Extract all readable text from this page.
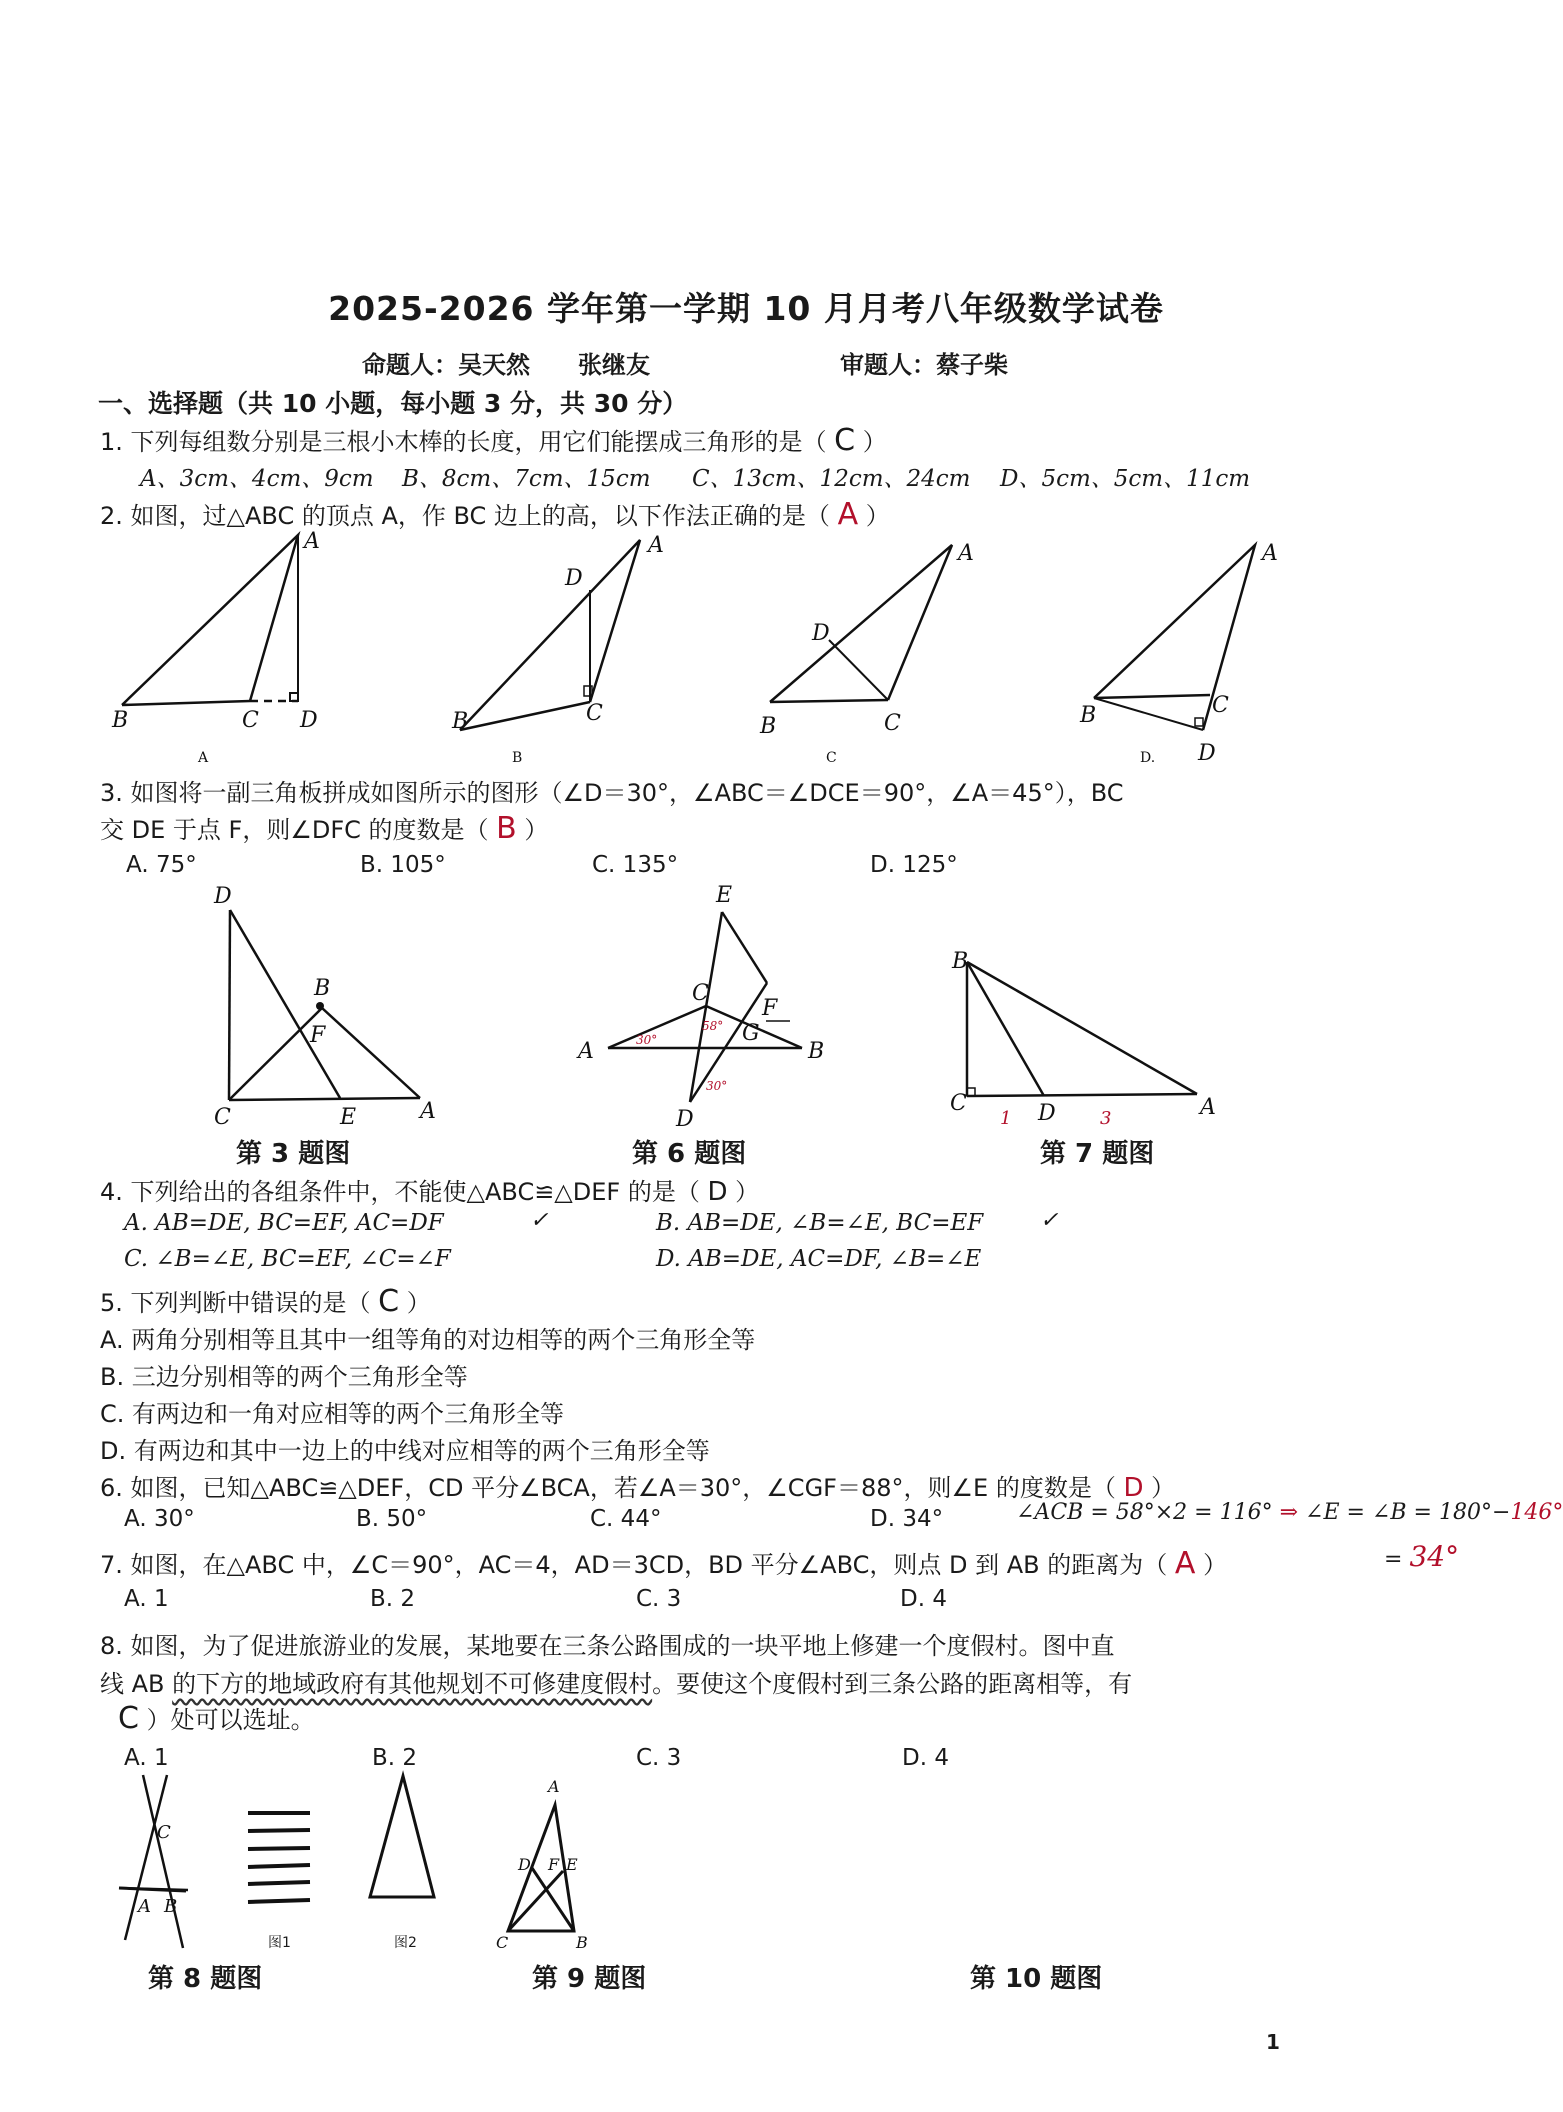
2025-2026 学年第一学期 10 月月考八年级数学试卷
命题人：吴天然　　张继友	审题人：蔡子柴
一、选择题（共 10 小题，每小题 3 分，共 30 分）
1. 下列每组数分别是三根小木棒的长度，用它们能摆成三角形的是（ C ）
A、3cm、4cm、9cm B、8cm、7cm、15cm C、13cm、12cm、24cm D、5cm、5cm、11cm
2. 如图，过△ABC 的顶点 A，作 BC 边上的高，以下作法正确的是（ A ）
A
B	C D
A
A
D
B	C
B
A
D
B	C
C
A
B	C
D
D.
3. 如图将一副三角板拼成如图所示的图形（∠D＝30°，∠ABC＝∠DCE＝90°，∠A＝45°），BC
交 DE 于点 F，则∠DFC 的度数是（ B ）
A. 75°	B. 105°	C. 135°	D. 125°
D
B
F
C	E	A
E
C
F
A
G
B
D
30°
58°
30°
B
C	D	A
1	3
第 3 题图	第 6 题图	第 7 题图
4. 下列给出的各组条件中，不能使△ABC≌△DEF 的是（ D ）
A. AB=DE, BC=EF, AC=DF	✓	B. AB=DE, ∠B=∠E, BC=EF	✓
C. ∠B=∠E, BC=EF, ∠C=∠F	D. AB=DE, AC=DF, ∠B=∠E
5. 下列判断中错误的是（ C ）
A. 两角分别相等且其中一组等角的对边相等的两个三角形全等
B. 三边分别相等的两个三角形全等
C. 有两边和一角对应相等的两个三角形全等
D. 有两边和其中一边上的中线对应相等的两个三角形全等
6. 如图，已知△ABC≌△DEF，CD 平分∠BCA，若∠A＝30°，∠CGF＝88°，则∠E 的度数是（ D ）
A. 30°	B. 50°	C. 44°	D. 34°	∠ACB = 58°×2 = 116° ⇒ ∠E = ∠B = 180°−146°
= 34°
7. 如图，在△ABC 中，∠C＝90°，AC＝4，AD＝3CD，BD 平分∠ABC，则点 D 到 AB 的距离为（ A ）
A. 1	B. 2	C. 3	D. 4
8. 如图，为了促进旅游业的发展，某地要在三条公路围成的一块平地上修建一个度假村。图中直
线 AB 的下方的地域政府有其他规划不可修建度假村。要使这个度假村到三条公路的距离相等，有
C ）处可以选址。
A. 1	B. 2	C. 3	D. 4
C
A B
A
D F E
C	B
图1	图2
第 8 题图	第 9 题图	第 10 题图
1
